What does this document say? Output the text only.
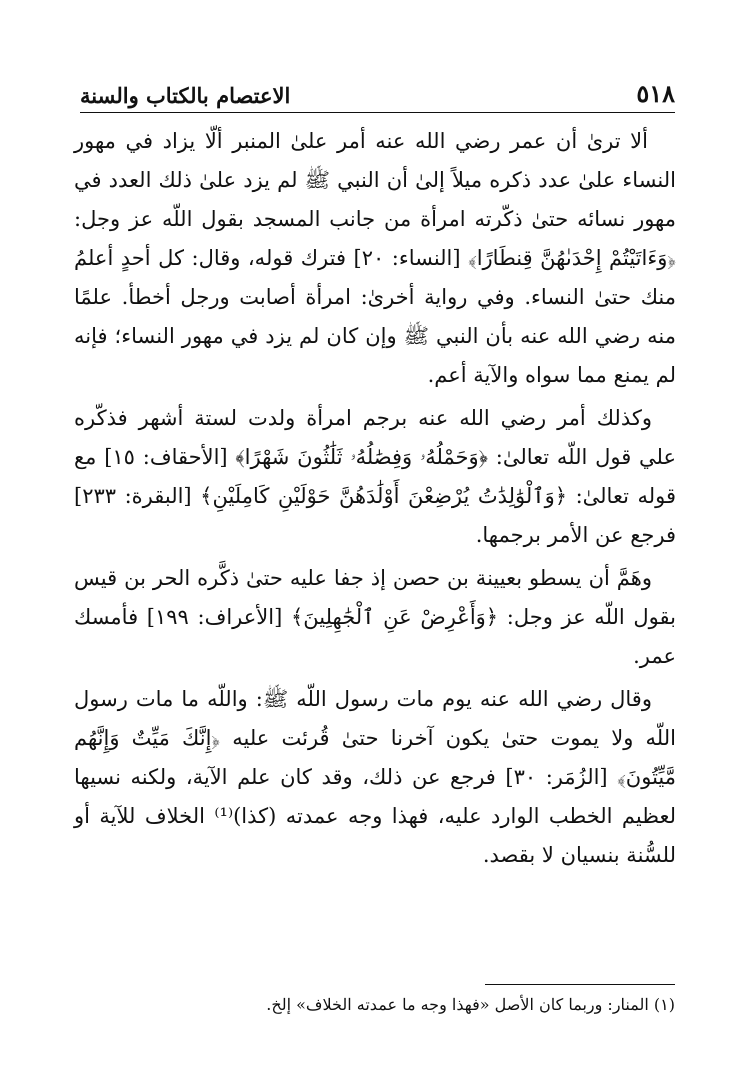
٥١٨
الاعتصام بالكتاب والسنة

ألا ترىٰ أن عمر رضي الله عنه أمر علىٰ المنبر ألّا يزاد في مهور النساء علىٰ عدد ذكره ميلاً إلىٰ أن النبي ﷺ لم يزد علىٰ ذلك العدد في مهور نسائه حتىٰ ذكّرته امرأة من جانب المسجد بقول اللّه عز وجل: ﴿وَءَاتَيْتُمْ إِحْدَىٰهُنَّ قِنطَارًا﴾ [النساء: ٢٠] فترك قوله، وقال: كل أحدٍ أعلمُ منك حتىٰ النساء. وفي رواية أخرىٰ: امرأة أصابت ورجل أخطأ. علمًا منه رضي الله عنه بأن النبي ﷺ وإن كان لم يزد في مهور النساء؛ فإنه لم يمنع مما سواه والآية أعم.

وكذلك أمر رضي الله عنه برجم امرأة ولدت لستة أشهر فذكّره علي قول اللّه تعالىٰ: ﴿وَحَمْلُهُۥ وَفِصَٰلُهُۥ ثَلَٰثُونَ شَهْرًا﴾ [الأحقاف: ١٥] مع قوله تعالىٰ: ﴿وَٱلْوَٰلِدَٰتُ يُرْضِعْنَ أَوْلَٰدَهُنَّ حَوْلَيْنِ كَامِلَيْنِ﴾ [البقرة: ٢٣٣] فرجع عن الأمر برجمها.

وهَمَّ أن يسطو بعيينة بن حصن إذ جفا عليه حتىٰ ذكَّره الحر بن قيس بقول اللّه عز وجل: ﴿وَأَعْرِضْ عَنِ ٱلْجَٰهِلِينَ﴾ [الأعراف: ١٩٩] فأمسك عمر.

وقال رضي الله عنه يوم مات رسول اللّه ﷺ: واللّه ما مات رسول اللّه ولا يموت حتىٰ يكون آخرنا حتىٰ قُرئت عليه ﴿إِنَّكَ مَيِّتٌ وَإِنَّهُم مَّيِّتُونَ﴾ [الزُمَر: ٣٠] فرجع عن ذلك، وقد كان علم الآية، ولكنه نسيها لعظيم الخطب الوارد عليه، فهذا وجه عمدته (كذا)⁽¹⁾ الخلاف للآية أو للسُّنة بنسيان لا بقصد.

(١) المنار: وربما كان الأصل «فهذا وجه ما عمدته الخلاف» إلخ.
